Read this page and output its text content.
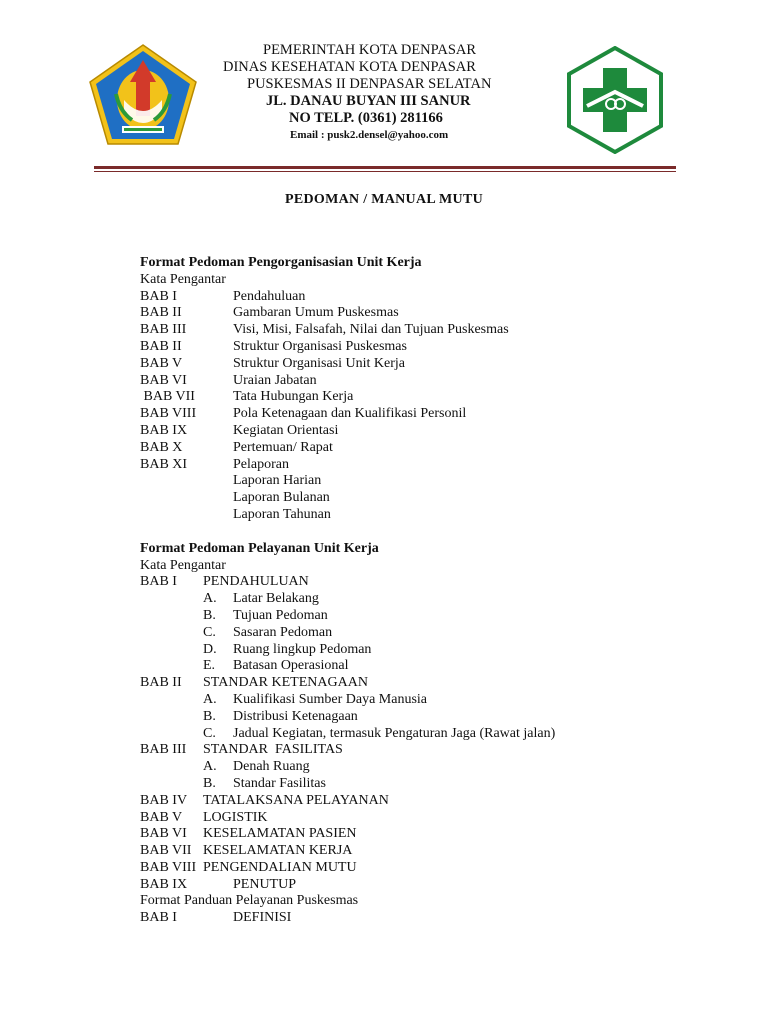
PEMERINTAH KOTA DENPASAR
DINAS KESEHATAN KOTA DENPASAR
PUSKESMAS II DENPASAR SELATAN
JL. DANAU BUYAN III SANUR
NO TELP. (0361) 281166
Email : pusk2.densel@yahoo.com
PEDOMAN / MANUAL MUTU
Format Pedoman Pengorganisasian Unit Kerja
Kata Pengantar
BAB I	Pendahuluan
BAB II	Gambaran Umum Puskesmas
BAB III	Visi, Misi, Falsafah, Nilai dan Tujuan Puskesmas
BAB II	Struktur Organisasi Puskesmas
BAB V	Struktur Organisasi Unit Kerja
BAB VI	Uraian Jabatan
BAB VII	Tata Hubungan Kerja
BAB VIII	Pola Ketenagaan dan Kualifikasi Personil
BAB IX	Kegiatan Orientasi
BAB X	Pertemuan/ Rapat
BAB XI	Pelaporan
Laporan Harian
Laporan Bulanan
Laporan Tahunan
Format Pedoman Pelayanan Unit Kerja
Kata Pengantar
BAB I PENDAHULUAN
A. Latar Belakang
B. Tujuan Pedoman
C. Sasaran Pedoman
D. Ruang lingkup Pedoman
E. Batasan Operasional
BAB II STANDAR KETENAGAAN
A. Kualifikasi Sumber Daya Manusia
B. Distribusi Ketenagaan
C. Jadual Kegiatan, termasuk Pengaturan Jaga (Rawat jalan)
BAB III STANDAR  FASILITAS
A. Denah Ruang
B. Standar Fasilitas
BAB IV TATALAKSANA PELAYANAN
BAB V LOGISTIK
BAB VI KESELAMATAN PASIEN
BAB VII KESELAMATAN KERJA
BAB VIII PENGENDALIAN MUTU
BAB IX	PENUTUP
Format Panduan Pelayanan Puskesmas
BAB I	DEFINISI
